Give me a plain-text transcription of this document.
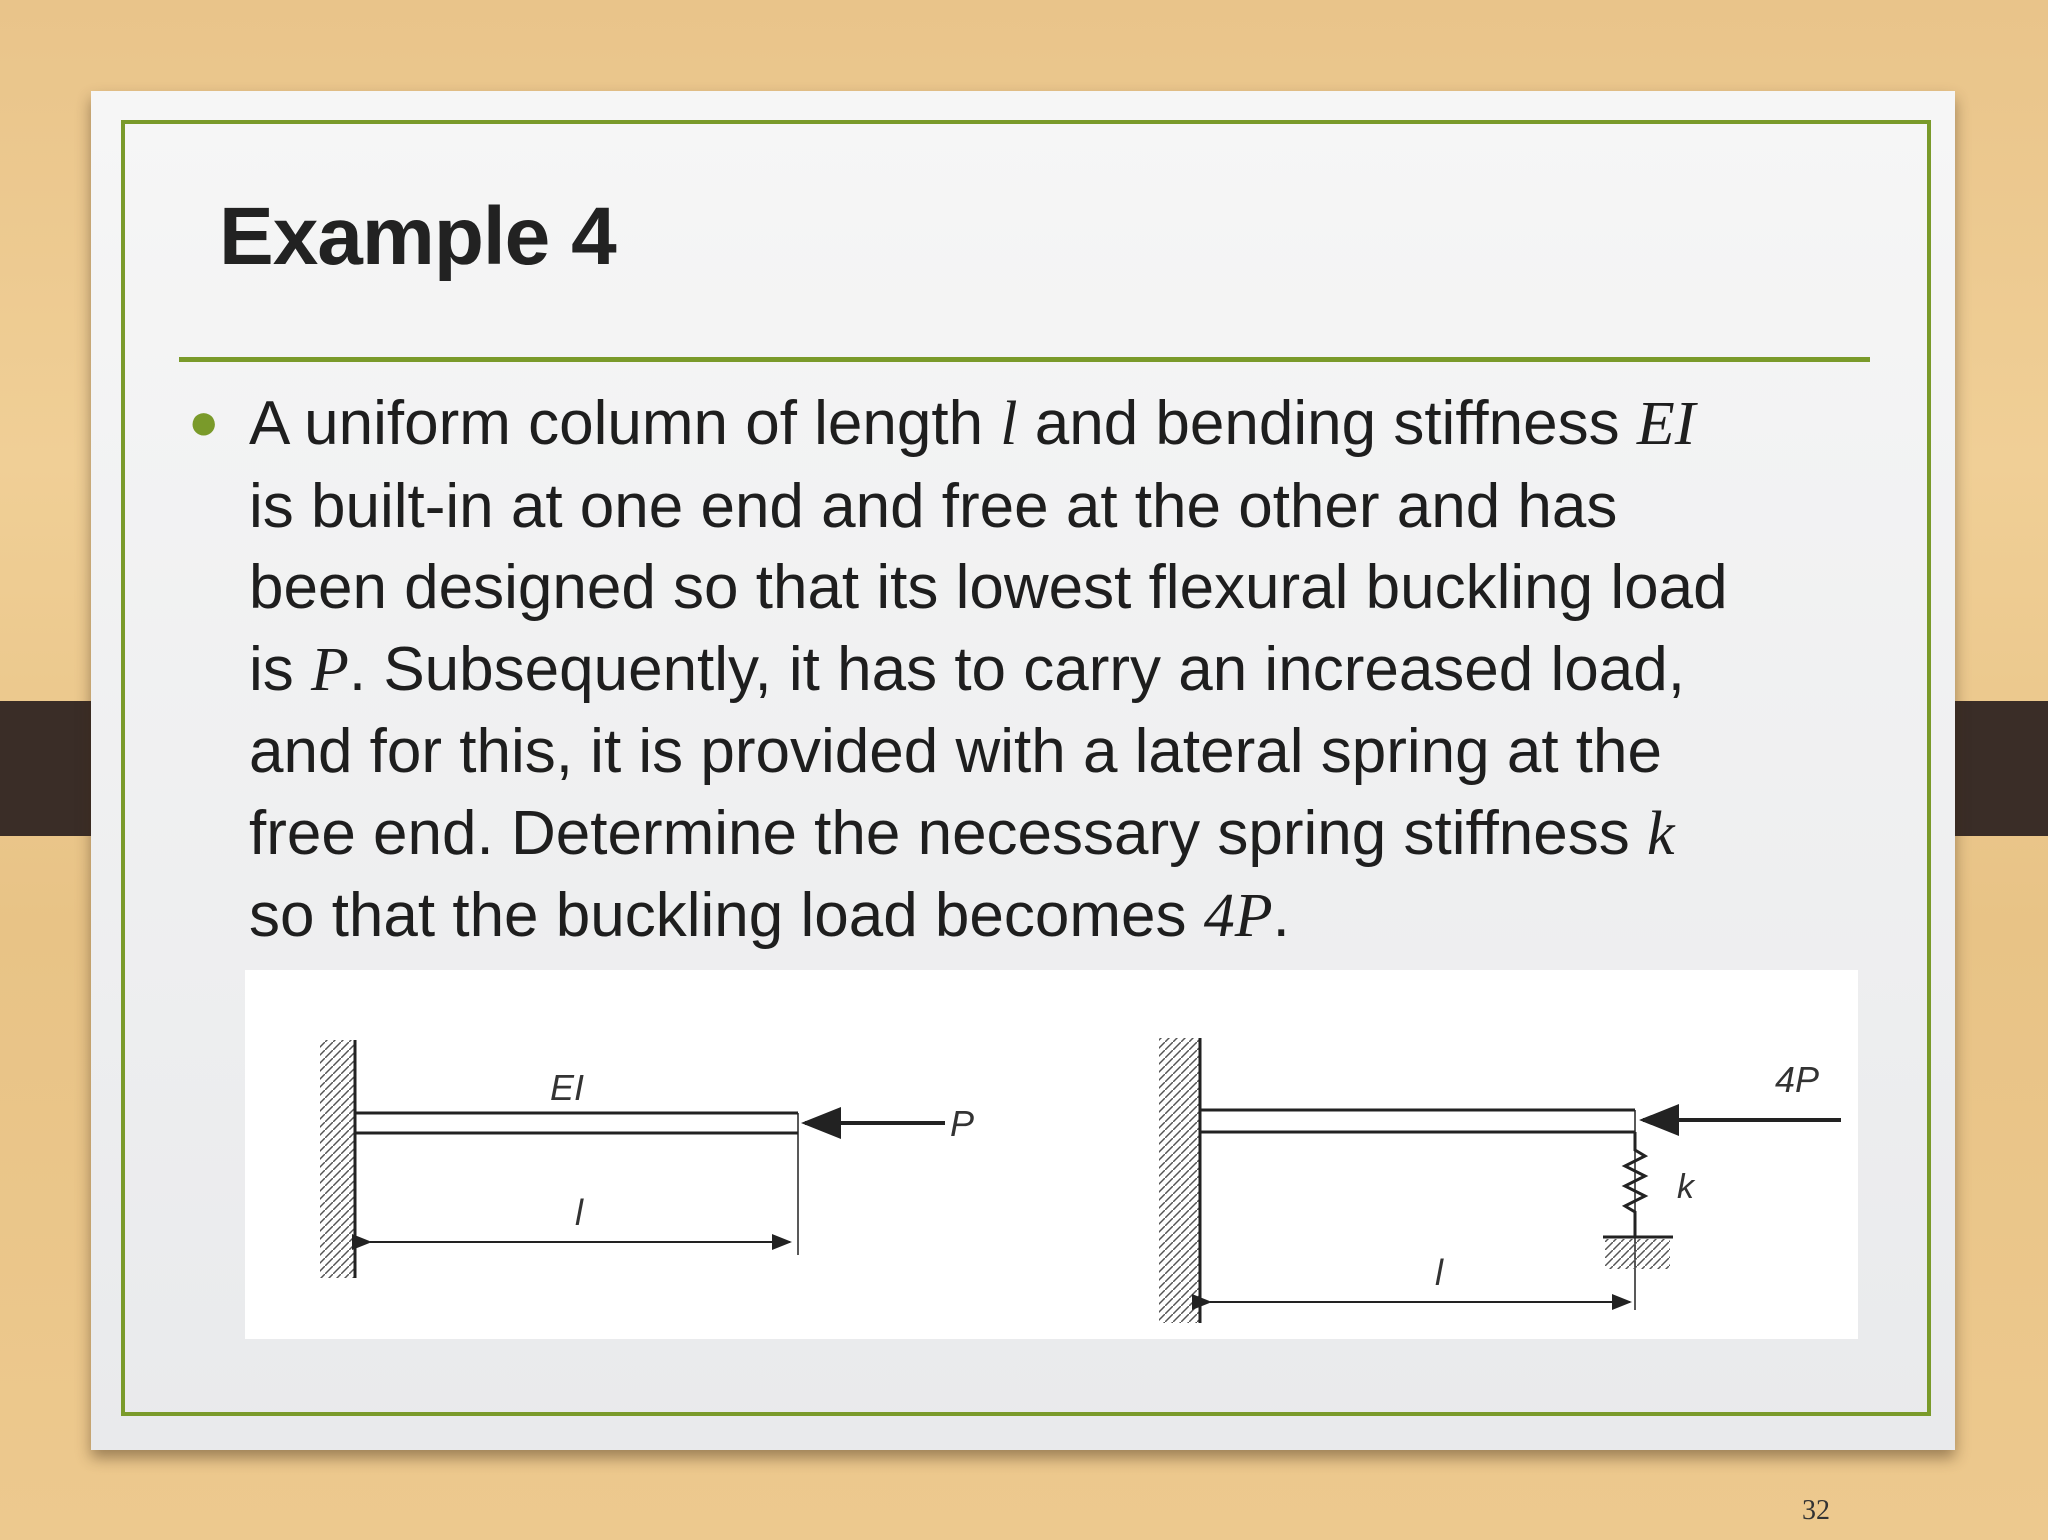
Example 4
● A uniform column of length l and bending stiffness EI
is built-in at one end and free at the other and has
been designed so that its lowest flexural buckling load
is P. Subsequently, it has to carry an increased load,
and for this, it is provided with a lateral spring at the
free end. Determine the necessary spring stiffness k
so that the buckling load becomes 4P.
EI
P
l
4P
k
l
32
